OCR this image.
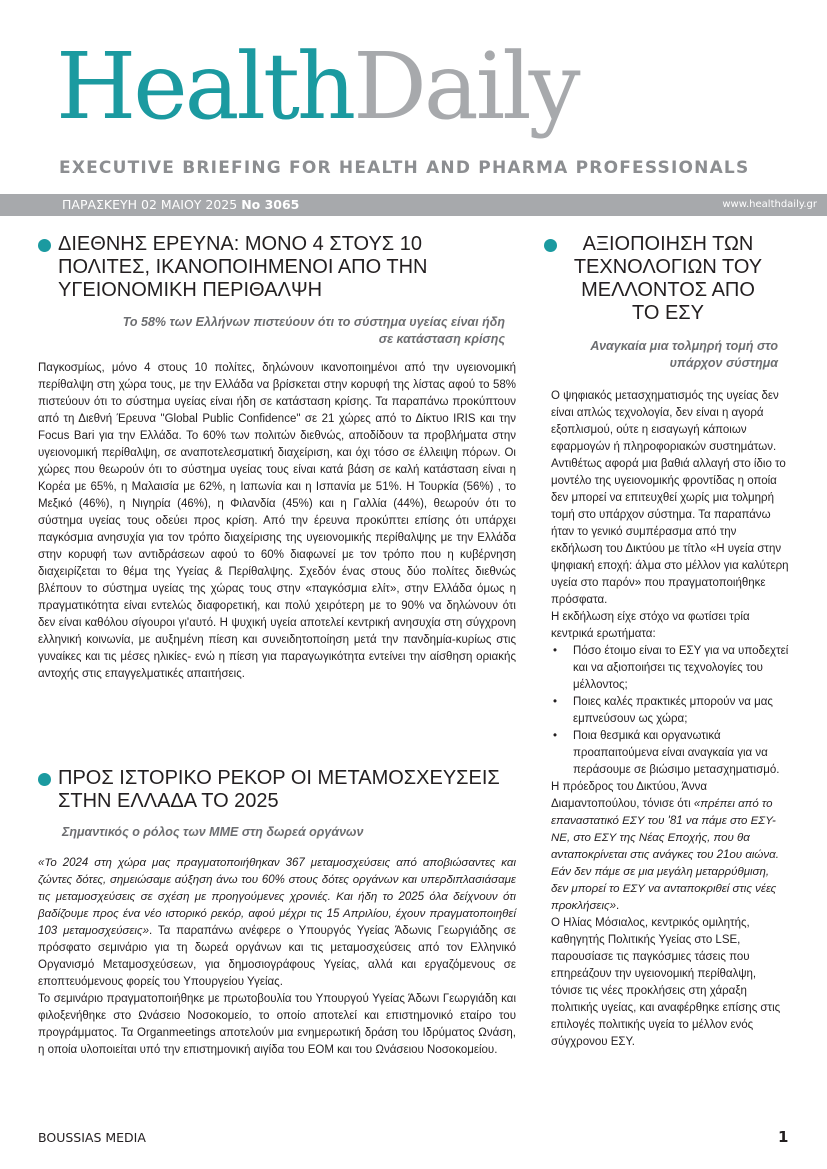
HealthDaily
EXECUTIVE BRIEFING FOR HEALTH AND PHARMA PROFESSIONALS
ΠΑΡΑΣΚΕΥΗ 02 ΜΑΙΟΥ 2025 No 3065	www.healthdaily.gr
ΔΙΕΘΝΗΣ ΕΡΕΥΝΑ: ΜΟΝΟ 4 ΣΤΟΥΣ 10 ΠΟΛΙΤΕΣ, ΙΚΑΝΟΠΟΙΗΜΕΝΟΙ ΑΠΟ ΤΗΝ ΥΓΕΙΟΝΟΜΙΚΗ ΠΕΡΙΘΑΛΨΗ
Το 58% των Ελλήνων πιστεύουν ότι το σύστημα υγείας είναι ήδη σε κατάσταση κρίσης

Παγκοσμίως, μόνο 4 στους 10 πολίτες, δηλώνουν ικανοποιημένοι από την υγειονομική περίθαλψη στη χώρα τους, με την Ελλάδα να βρίσκεται στην κορυφή της λίστας αφού το 58% πιστεύουν ότι το σύστημα υγείας είναι ήδη σε κατάσταση κρίσης. Τα παραπάνω προκύπτουν από τη Διεθνή Έρευνα "Global Public Confidence" σε 21 χώρες από το Δίκτυο IRIS και την Focus Bari για την Ελλάδα. Το 60% των πολιτών διεθνώς, αποδίδουν τα προβλήματα στην υγειονομική περίθαλψη, σε αναποτελεσματική διαχείριση, και όχι τόσο σε έλλειψη πόρων. Οι χώρες που θεωρούν ότι το σύστημα υγείας τους είναι κατά βάση σε καλή κατάσταση είναι η Κορέα με 65%, η Μαλαισία με 62%, η Ιαπωνία και η Ισπανία με 51%. Η Τουρκία (56%) , το Μεξικό (46%), η Νιγηρία (46%), η Φιλανδία (45%) και η Γαλλία (44%), θεωρούν ότι το σύστημα υγείας τους οδεύει προς κρίση. Από την έρευνα προκύπτει επίσης ότι υπάρχει παγκόσμια ανησυχία για τον τρόπο διαχείρισης της υγειονομικής περίθαλψης με την Ελλάδα στην κορυφή των αντιδράσεων αφού το 60% διαφωνεί με τον τρόπο που η κυβέρνηση διαχειρίζεται το θέμα της Υγείας & Περίθαλψης. Σχεδόν ένας στους δύο πολίτες διεθνώς βλέπουν το σύστημα υγείας της χώρας τους στην «παγκόσμια ελίτ», στην Ελλάδα όμως η πραγματικότητα είναι εντελώς διαφορετική, και πολύ χειρότερη με το 90% να δηλώνουν ότι δεν είναι καθόλου σίγουροι γι'αυτό. Η ψυχική υγεία αποτελεί κεντρική ανησυχία στη σύγχρονη ελληνική κοινωνία, με αυξημένη πίεση και συνειδητοποίηση μετά την πανδημία-κυρίως στις γυναίκες και τις μέσες ηλικίες- ενώ η πίεση για παραγωγικότητα εντείνει την αίσθηση οριακής αντοχής στις επαγγελματικές απαιτήσεις.

ΠΡΟΣ ΙΣΤΟΡΙΚΟ ΡΕΚΟΡ ΟΙ ΜΕΤΑΜΟΣΧΕΥΣΕΙΣ ΣΤΗΝ ΕΛΛΑΔΑ ΤΟ 2025
Σημαντικός ο ρόλος των ΜΜΕ στη δωρεά οργάνων

«Το 2024 στη χώρα μας πραγματοποιήθηκαν 367 μεταμοσχεύσεις από αποβιώσαντες και ζώντες δότες, σημειώσαμε αύξηση άνω του 60% στους δότες οργάνων και υπερδιπλασιάσαμε τις μεταμοσχεύσεις σε σχέση με προηγούμενες χρονιές. Και ήδη το 2025 όλα δείχνουν ότι βαδίζουμε προς ένα νέο ιστορικό ρεκόρ, αφού μέχρι τις 15 Απριλίου, έχουν πραγματοποιηθεί 103 μεταμοσχεύσεις». Τα παραπάνω ανέφερε ο Υπουργός Υγείας Άδωνις Γεωργιάδης σε πρόσφατο σεμινάριο για τη δωρεά οργάνων και τις μεταμοσχεύσεις από τον Ελληνικό Οργανισμό Μεταμοσχεύσεων, για δημοσιογράφους Υγείας, αλλά και εργαζόμενους σε εποπτευόμενους φορείς του Υπουργείου Υγείας.

Το σεμινάριο πραγματοποιήθηκε με πρωτοβουλία του Υπουργού Υγείας Άδωνι Γεωργιάδη και φιλοξενήθηκε στο Ωνάσειο Νοσοκομείο, το οποίο αποτελεί και επιστημονικό εταίρο του προγράμματος. Τα Organmeetings αποτελούν μια ενημερωτική δράση του Ιδρύματος Ωνάση, η οποία υλοποιείται υπό την επιστημονική αιγίδα του ΕΟΜ και του Ωνάσειου Νοσοκομείου.

ΑΞΙΟΠΟΙΗΣΗ ΤΩΝ ΤΕΧΝΟΛΟΓΙΩΝ ΤΟΥ ΜΕΛΛΟΝΤΟΣ ΑΠΟ ΤΟ ΕΣΥ
Αναγκαία μια τολμηρή τομή στο υπάρχον σύστημα

Ο ψηφιακός μετασχηματισμός της υγείας δεν είναι απλώς τεχνολογία, δεν είναι η αγορά εξοπλισμού, ούτε η εισαγωγή κάποιων εφαρμογών ή πληροφοριακών συστημάτων. Αντιθέτως αφορά μια βαθιά αλλαγή στο ίδιο το μοντέλο της υγειονομικής φροντίδας η οποία δεν μπορεί να επιτευχθεί χωρίς μια τολμηρή τομή στο υπάρχον σύστημα. Τα παραπάνω ήταν το γενικό συμπέρασμα από την εκδήλωση του Δικτύου με τίτλο «Η υγεία στην ψηφιακή εποχή: άλμα στο μέλλον για καλύτερη υγεία στο παρόν» που πραγματοποιήθηκε πρόσφατα.

Η εκδήλωση είχε στόχο να φωτίσει τρία κεντρικά ερωτήματα:

• Πόσο έτοιμο είναι το ΕΣΥ για να υποδεχτεί και να αξιοποιήσει τις τεχνολογίες του μέλλοντος;
• Ποιες καλές πρακτικές μπορούν να μας εμπνεύσουν ως χώρα;
• Ποια θεσμικά και οργανωτικά προαπαιτούμενα είναι αναγκαία για να περάσουμε σε βιώσιμο μετασχηματισμό.

Η πρόεδρος του Δικτύου, Άννα Διαμαντοπούλου, τόνισε ότι «πρέπει από το επαναστατικό ΕΣΥ του '81 να πάμε στο ΕΣΥ-ΝΕ, στο ΕΣΥ της Νέας Εποχής, που θα ανταποκρίνεται στις ανάγκες του 21ου αιώνα. Εάν δεν πάμε σε μια μεγάλη μεταρρύθμιση, δεν μπορεί το ΕΣΥ να ανταποκριθεί στις νέες προκλήσεις».

Ο Ηλίας Μόσιαλος, κεντρικός ομιλητής, καθηγητής Πολιτικής Υγείας στο LSE, παρουσίασε τις παγκόσμιες τάσεις που επηρεάζουν την υγειονομική περίθαλψη, τόνισε τις νέες προκλήσεις στη χάραξη πολιτικής υγείας, και αναφέρθηκε επίσης στις επιλογές πολιτικής υγεία το μέλλον ενός σύγχρονου ΕΣΥ.

BOUSSIAS MEDIA	1
